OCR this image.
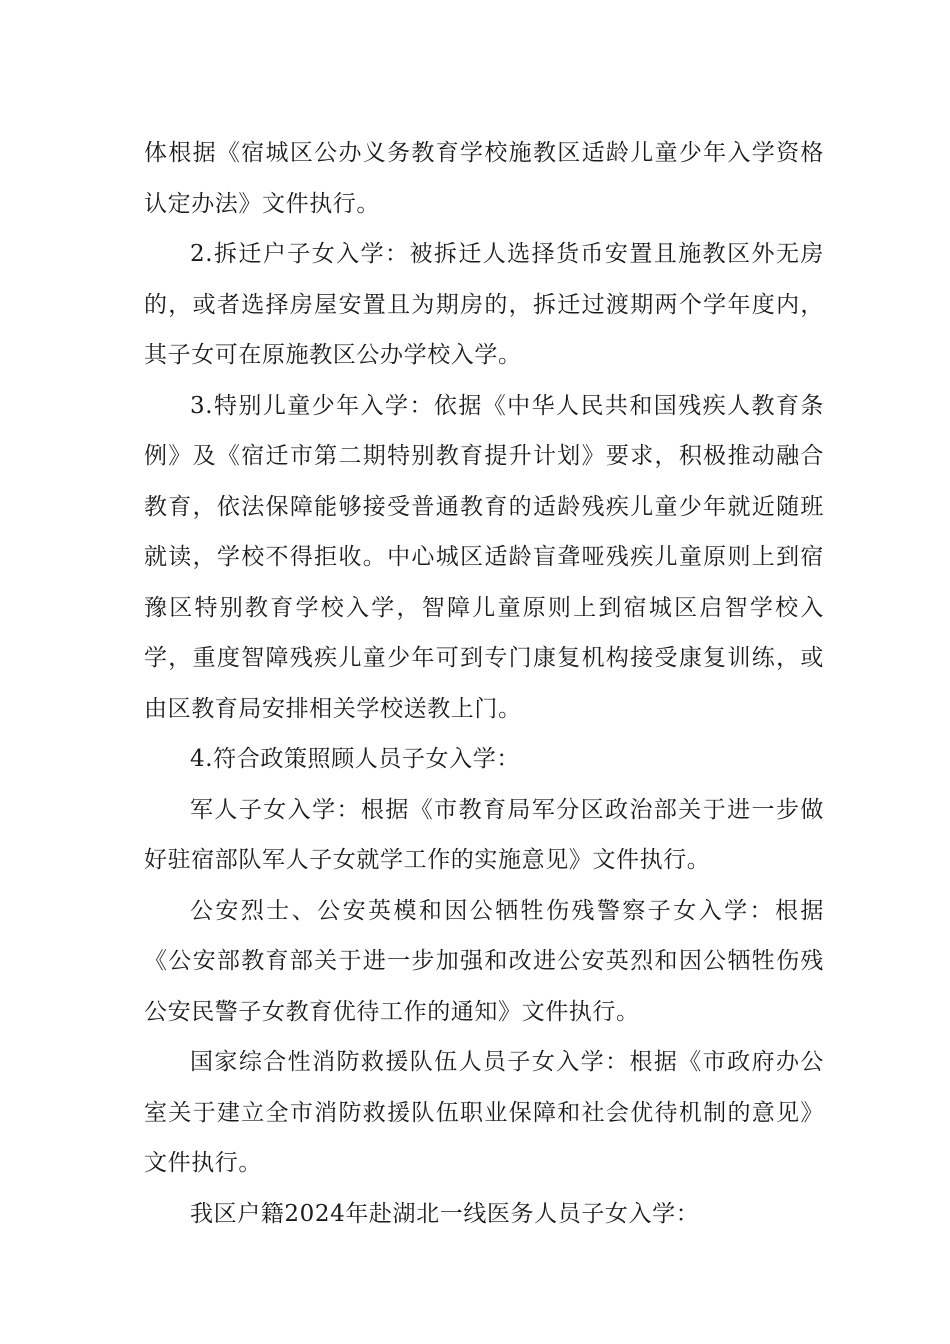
体根据《宿城区公办义务教育学校施教区适龄儿童少年入学资格认定办法》文件执行。

2.拆迁户子女入学：被拆迁人选择货币安置且施教区外无房的，或者选择房屋安置且为期房的，拆迁过渡期两个学年度内，其子女可在原施教区公办学校入学。

3.特别儿童少年入学：依据《中华人民共和国残疾人教育条例》及《宿迁市第二期特别教育提升计划》要求，积极推动融合教育，依法保障能够接受普通教育的适龄残疾儿童少年就近随班就读，学校不得拒收。中心城区适龄盲聋哑残疾儿童原则上到宿豫区特别教育学校入学，智障儿童原则上到宿城区启智学校入学，重度智障残疾儿童少年可到专门康复机构接受康复训练，或由区教育局安排相关学校送教上门。

4.符合政策照顾人员子女入学：

军人子女入学：根据《市教育局军分区政治部关于进一步做好驻宿部队军人子女就学工作的实施意见》文件执行。

公安烈士、公安英模和因公牺牲伤残警察子女入学：根据《公安部教育部关于进一步加强和改进公安英烈和因公牺牲伤残公安民警子女教育优待工作的通知》文件执行。

国家综合性消防救援队伍人员子女入学：根据《市政府办公室关于建立全市消防救援队伍职业保障和社会优待机制的意见》文件执行。

我区户籍2024年赴湖北一线医务人员子女入学：
